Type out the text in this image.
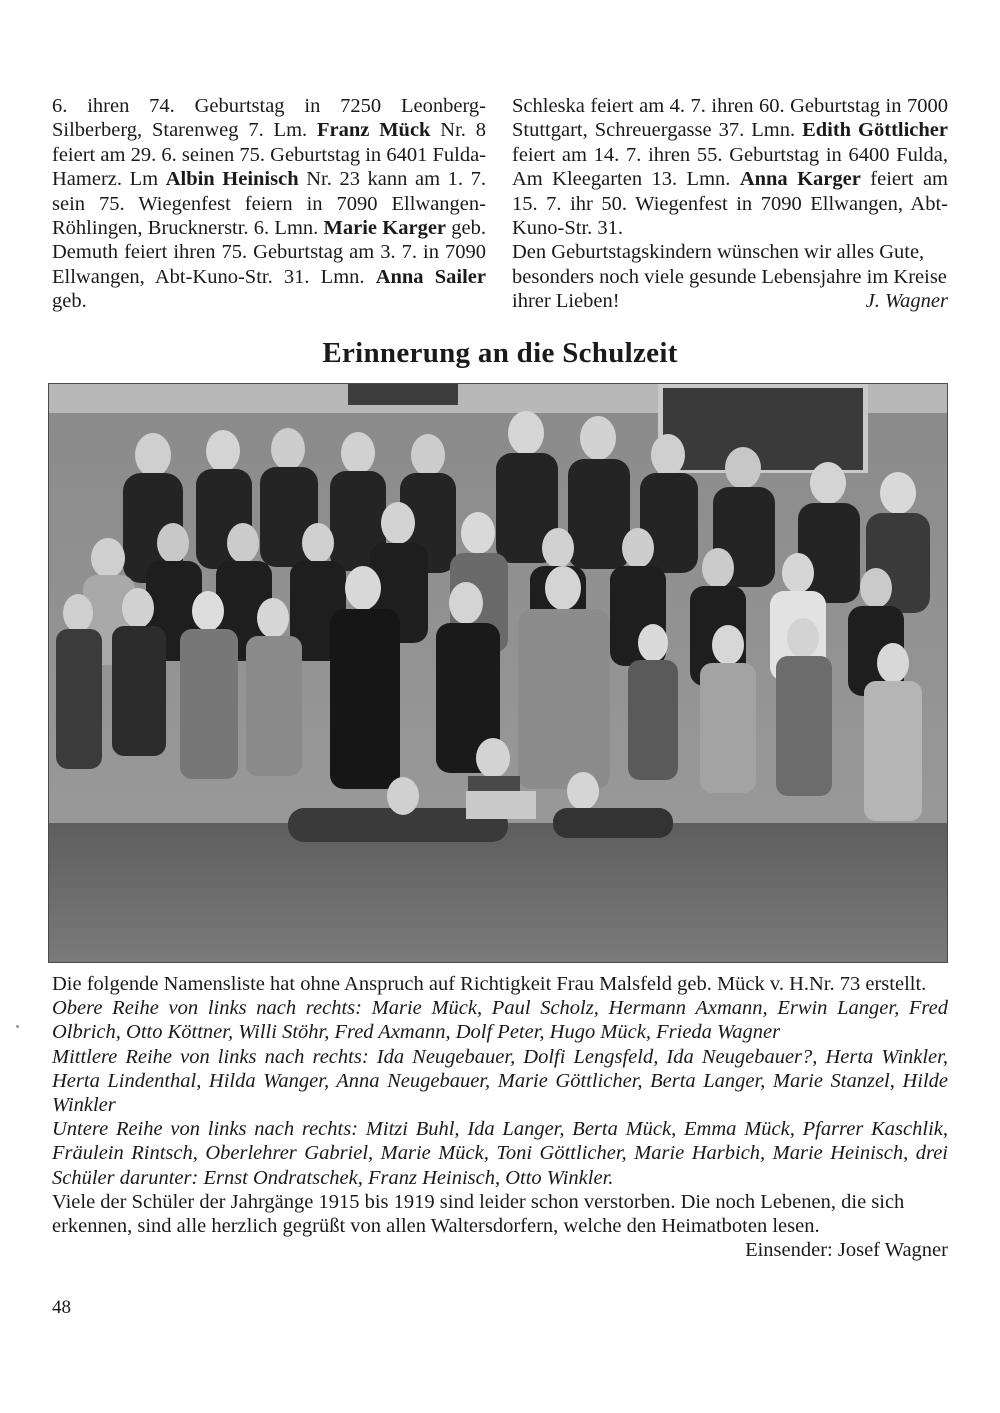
6. ihren 74. Geburtstag in 7250 Leonberg-Silberberg, Starenweg 7. Lm. Franz Mück Nr. 8 feiert am 29. 6. seinen 75. Geburtstag in 6401 Fulda-Hamerz. Lm Albin Heinisch Nr. 23 kann am 1. 7. sein 75. Wiegenfest feiern in 7090 Ellwangen-Röhlingen, Brucknerstr. 6. Lmn. Marie Karger geb. Demuth feiert ihren 75. Geburtstag am 3. 7. in 7090 Ellwangen, Abt-Kuno-Str. 31. Lmn. Anna Sailer geb.
Schleska feiert am 4. 7. ihren 60. Geburtstag in 7000 Stuttgart, Schreuergasse 37. Lmn. Edith Göttlicher feiert am 14. 7. ihren 55. Geburtstag in 6400 Fulda, Am Kleegarten 13. Lmn. Anna Karger feiert am 15. 7. ihr 50. Wiegenfest in 7090 Ellwangen, Abt-Kuno-Str. 31.
Den Geburtstagskindern wünschen wir alles Gute, besonders noch viele gesunde Lebensjahre im Kreise ihrer Lieben!	J. Wagner
Erinnerung an die Schulzeit

Die folgende Namensliste hat ohne Anspruch auf Richtigkeit Frau Malsfeld geb. Mück v. H.Nr. 73 erstellt.

Obere Reihe von links nach rechts: Marie Mück, Paul Scholz, Hermann Axmann, Erwin Langer, Fred Olbrich, Otto Köttner, Willi Stöhr, Fred Axmann, Dolf Peter, Hugo Mück, Frieda Wagner

Mittlere Reihe von links nach rechts: Ida Neugebauer, Dolfi Lengsfeld, Ida Neugebauer?, Herta Winkler, Herta Lindenthal, Hilda Wanger, Anna Neugebauer, Marie Göttlicher, Berta Langer, Marie Stanzel, Hilde Winkler

Untere Reihe von links nach rechts: Mitzi Buhl, Ida Langer, Berta Mück, Emma Mück, Pfarrer Kaschlik, Fräulein Rintsch, Oberlehrer Gabriel, Marie Mück, Toni Göttlicher, Marie Harbich, Marie Heinisch, drei Schüler darunter: Ernst Ondratschek, Franz Heinisch, Otto Winkler.

Viele der Schüler der Jahrgänge 1915 bis 1919 sind leider schon verstorben. Die noch Lebenen, die sich erkennen, sind alle herzlich gegrüßt von allen Waltersdorfern, welche den Heimatboten lesen.
Einsender: Josef Wagner

48
